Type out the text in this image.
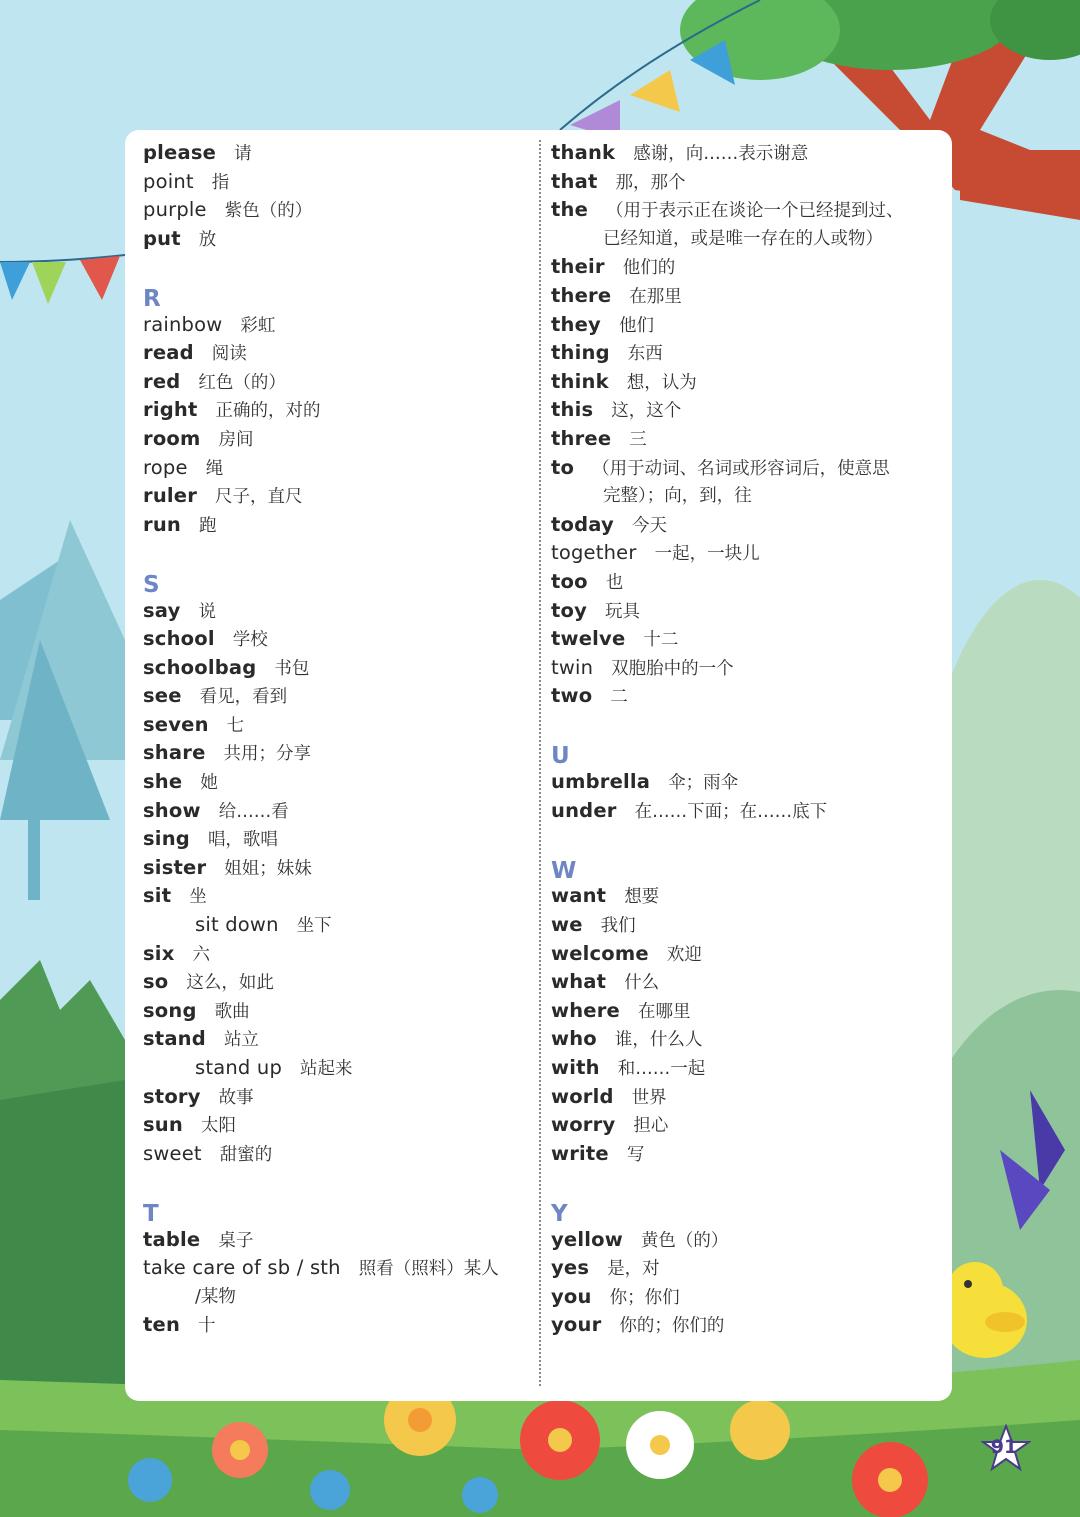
please 请
point 指
purple 紫色（的）
put 放
R
rainbow 彩虹
read 阅读
red 红色（的）
right 正确的，对的
room 房间
rope 绳
ruler 尺子，直尺
run 跑
S
say 说
school 学校
schoolbag 书包
see 看见，看到
seven 七
share 共用；分享
she 她
show 给……看
sing 唱，歌唱
sister 姐姐；妹妹
sit 坐
sit down 坐下
six 六
so 这么，如此
song 歌曲
stand 站立
stand up 站起来
story 故事
sun 太阳
sweet 甜蜜的
T
table 桌子
take care of sb / sth 照看（照料）某人
/某物
ten 十
thank 感谢，向……表示谢意
that 那，那个
the （用于表示正在谈论一个已经提到过、
已经知道，或是唯一存在的人或物）
their 他们的
there 在那里
they 他们
thing 东西
think 想，认为
this 这，这个
three 三
to （用于动词、名词或形容词后，使意思
完整）；向，到，往
today 今天
together 一起，一块儿
too 也
toy 玩具
twelve 十二
twin 双胞胎中的一个
two 二
U
umbrella 伞；雨伞
under 在……下面；在……底下
W
want 想要
we 我们
welcome 欢迎
what 什么
where 在哪里
who 谁，什么人
with 和……一起
world 世界
worry 担心
write 写
Y
yellow 黄色（的）
yes 是，对
you 你；你们
your 你的；你们的
91
